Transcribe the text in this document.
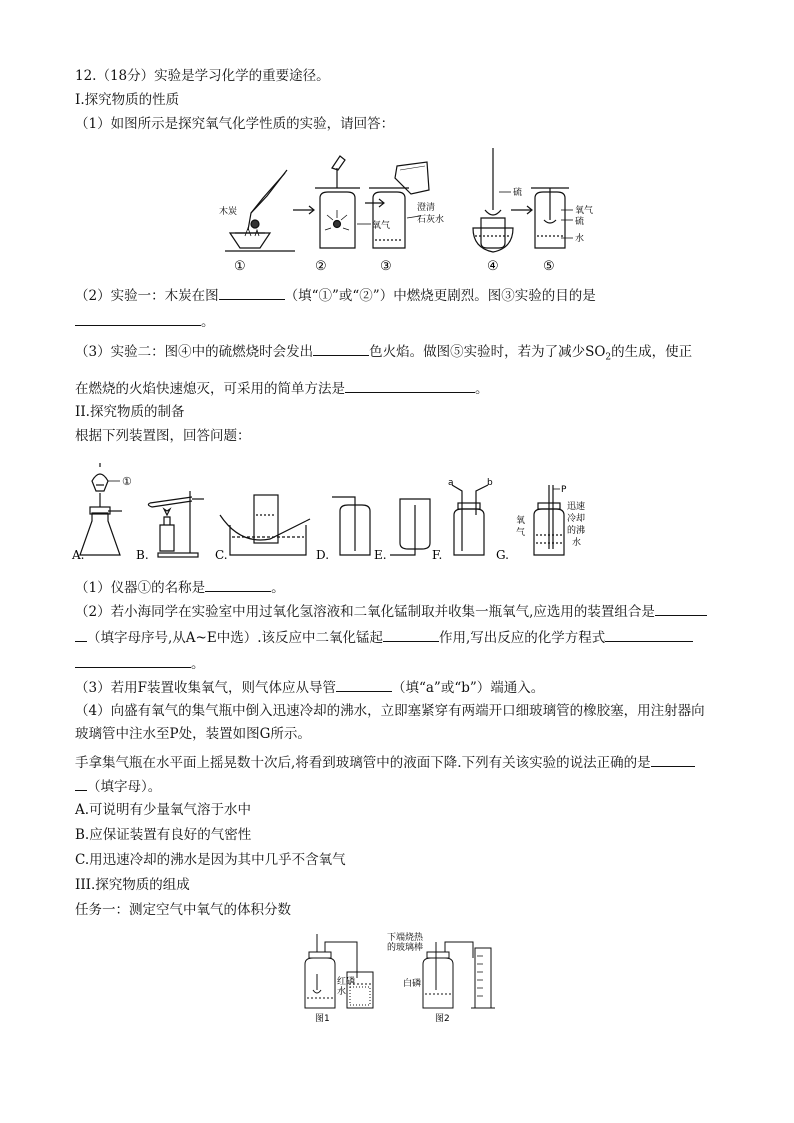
12.（18分）实验是学习化学的重要途径。
I.探究物质的性质
（1）如图所示是探究氧气化学性质的实验，请回答：
木炭
氧气
澄清
石灰水
硫
氧气
硫
水
①	②	③	④	⑤
（2）实验一：木炭在图	（填“①”或“②”）中燃烧更剧烈。图③实验的目的是
。
（3）实验二：图④中的硫燃烧时会发出	色火焰。做图⑤实验时，若为了减少$SO_2$的生成，使正
在燃烧的火焰快速熄灭，可采用的简单方法是	。
II.探究物质的制备
根据下列装置图，回答问题：
A.	B.	C.	D.	E.	F.	G.
①	a	b
P
氧
气
迅速
冷却
的沸
水
（1）仪器①的名称是	。
（2）若小海同学在实验室中用过氧化氢溶液和二氧化锰制取并收集一瓶氧气,应选用的装置组合是
（填字母序号,从A~E中选）.该反应中二氧化锰起	作用,写出反应的化学方程式
。
（3）若用F装置收集氧气，则气体应从导管	（填“a”或“b”）端通入。
（4）向盛有氧气的集气瓶中倒入迅速冷却的沸水，立即塞紧穿有两端开口细玻璃管的橡胶塞，用注射器向
玻璃管中注水至P处，装置如图G所示。
手拿集气瓶在水平面上摇晃数十次后,将看到玻璃管中的液面下降.下列有关该实验的说法正确的是
（填字母）。
A.可说明有少量氧气溶于水中
B.应保证装置有良好的气密性
C.用迅速冷却的沸水是因为其中几乎不含氧气
III.探究物质的组成
任务一：测定空气中氧气的体积分数
红磷
水
下端烧热
的玻璃棒
白磷
图1	图2
